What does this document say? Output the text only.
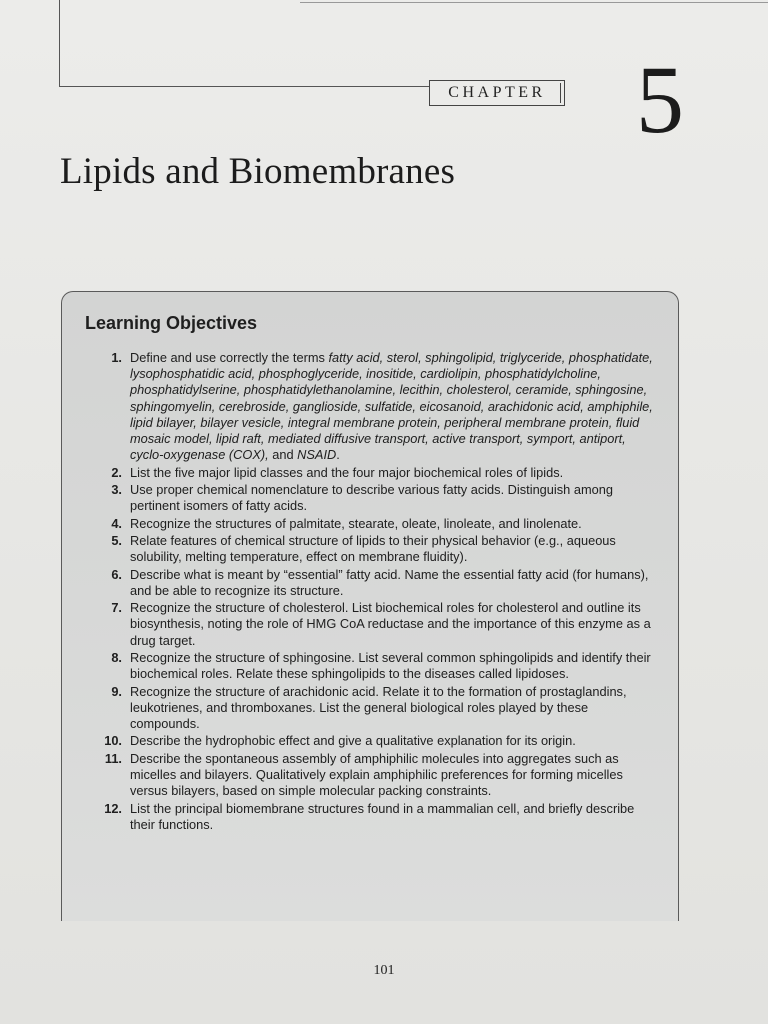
CHAPTER 5
Lipids and Biomembranes
Learning Objectives
1. Define and use correctly the terms fatty acid, sterol, sphingolipid, triglyceride, phosphatidate, lysophosphatidic acid, phosphoglyceride, inositide, cardiolipin, phosphatidylcholine, phosphatidylserine, phosphatidylethanolamine, lecithin, cholesterol, ceramide, sphingosine, sphingomyelin, cerebroside, ganglioside, sulfatide, eicosanoid, arachidonic acid, amphiphile, lipid bilayer, bilayer vesicle, integral membrane protein, peripheral membrane protein, fluid mosaic model, lipid raft, mediated diffusive transport, active transport, symport, antiport, cyclo-oxygenase (COX), and NSAID.
2. List the five major lipid classes and the four major biochemical roles of lipids.
3. Use proper chemical nomenclature to describe various fatty acids. Distinguish among pertinent isomers of fatty acids.
4. Recognize the structures of palmitate, stearate, oleate, linoleate, and linolenate.
5. Relate features of chemical structure of lipids to their physical behavior (e.g., aqueous solubility, melting temperature, effect on membrane fluidity).
6. Describe what is meant by “essential” fatty acid. Name the essential fatty acid (for humans), and be able to recognize its structure.
7. Recognize the structure of cholesterol. List biochemical roles for cholesterol and outline its biosynthesis, noting the role of HMG CoA reductase and the importance of this enzyme as a drug target.
8. Recognize the structure of sphingosine. List several common sphingolipids and identify their biochemical roles. Relate these sphingolipids to the diseases called lipidoses.
9. Recognize the structure of arachidonic acid. Relate it to the formation of prostaglandins, leukotrienes, and thromboxanes. List the general biological roles played by these compounds.
10. Describe the hydrophobic effect and give a qualitative explanation for its origin.
11. Describe the spontaneous assembly of amphiphilic molecules into aggregates such as micelles and bilayers. Qualitatively explain amphiphilic preferences for forming micelles versus bilayers, based on simple molecular packing constraints.
12. List the principal biomembrane structures found in a mammalian cell, and briefly describe their functions.
101
